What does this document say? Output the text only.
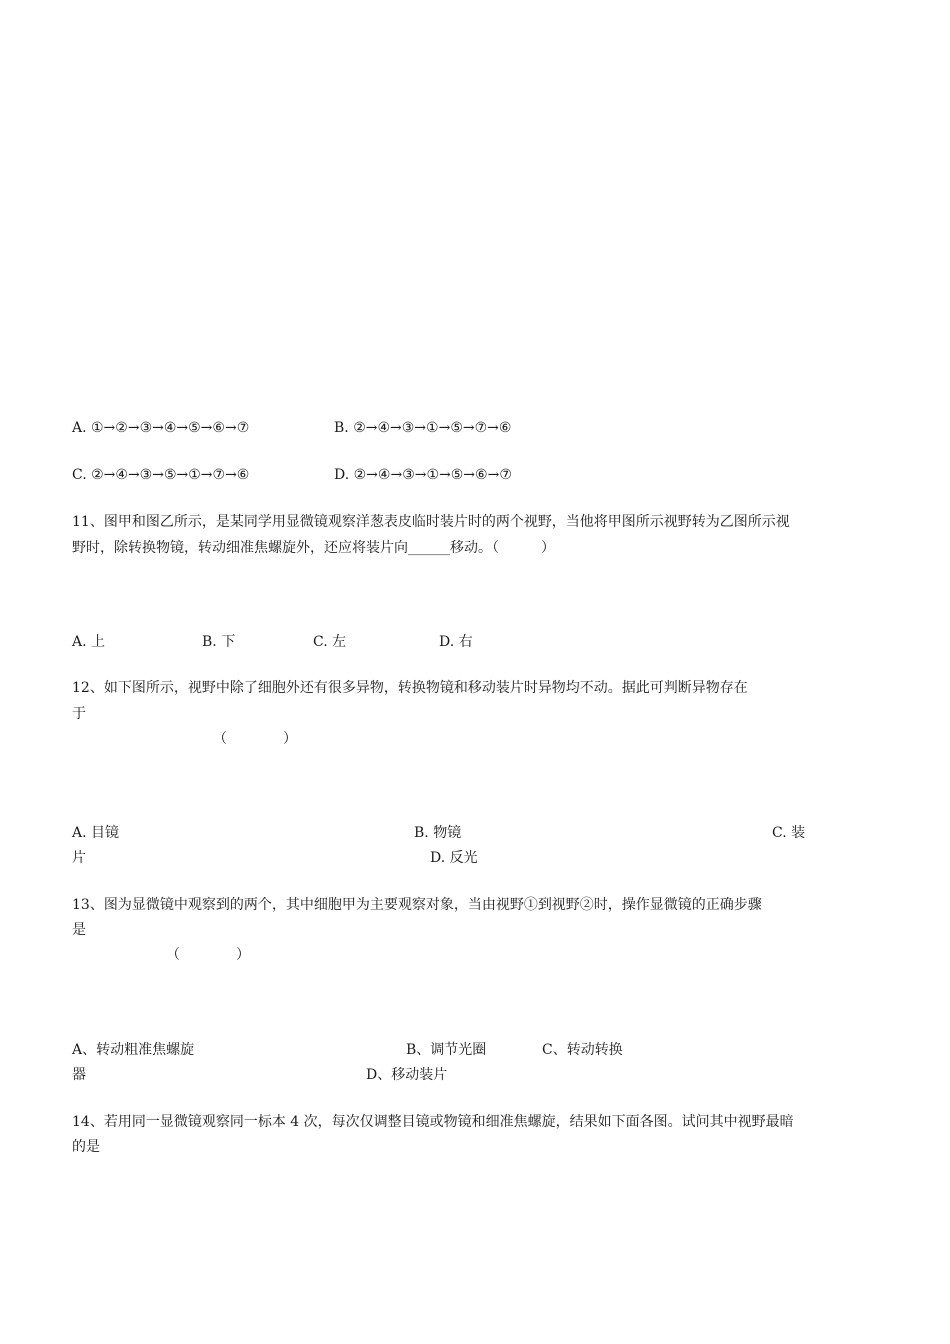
A. ①→②→③→④→⑤→⑥→⑦	B. ②→④→③→①→⑤→⑦→⑥
C. ②→④→③→⑤→①→⑦→⑥	D. ②→④→③→①→⑤→⑥→⑦
11、图甲和图乙所示，是某同学用显微镜观察洋葱表皮临时装片时的两个视野，当他将甲图所示视野转为乙图所示视
野时，除转换物镜，转动细准焦螺旋外，还应将装片向______移动。（　　　）
A. 上	B. 下	C. 左	D. 右
12、如下图所示，视野中除了细胞外还有很多异物，转换物镜和移动装片时异物均不动。据此可判断异物存在
于
（　　　　）
A. 目镜	B. 物镜	C. 装
片	D. 反光
13、图为显微镜中观察到的两个，其中细胞甲为主要观察对象，当由视野①到视野②时，操作显微镜的正确步骤
是
（　　　　）
A、转动粗准焦螺旋	B、调节光圈	C、转动转换
器	D、移动装片
14、若用同一显微镜观察同一标本 4 次，每次仅调整目镜或物镜和细准焦螺旋，结果如下面各图。试问其中视野最暗
的是
